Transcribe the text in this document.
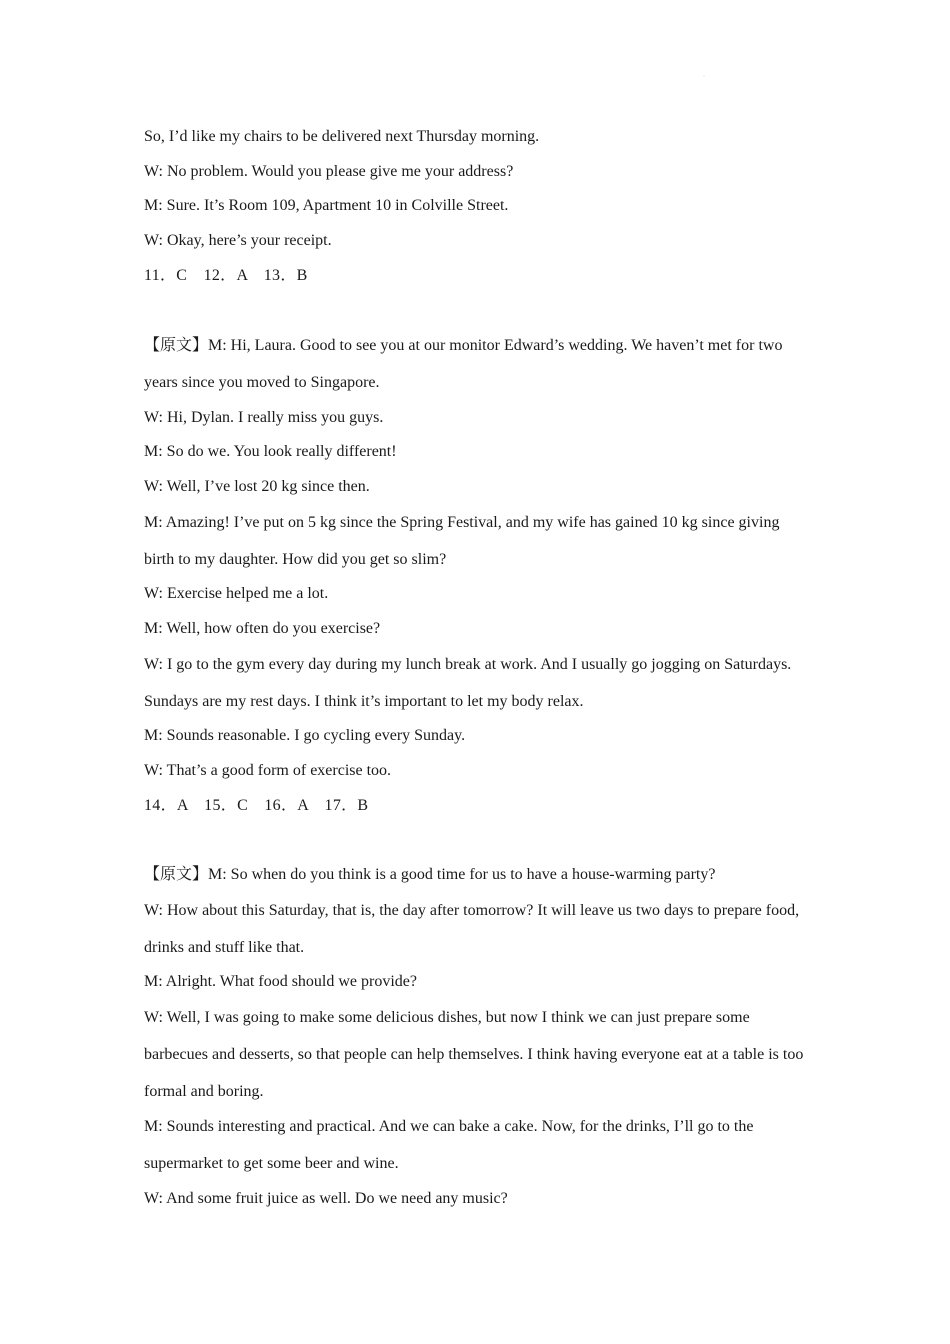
·

So, I’d like my chairs to be delivered next Thursday morning.

W: No problem. Would you please give me your address?

M: Sure. It’s Room 109, Apartment 10 in Colville Street.

W: Okay, here’s your receipt.

11．C　12．A　13．B

【原文】M: Hi, Laura. Good to see you at our monitor Edward’s wedding. We haven’t met for two years since you moved to Singapore.

W: Hi, Dylan. I really miss you guys.

M: So do we. You look really different!

W: Well, I’ve lost 20 kg since then.

M: Amazing! I’ve put on 5 kg since the Spring Festival, and my wife has gained 10 kg since giving birth to my daughter. How did you get so slim?

W: Exercise helped me a lot.

M: Well, how often do you exercise?

W: I go to the gym every day during my lunch break at work. And I usually go jogging on Saturdays. Sundays are my rest days. I think it’s important to let my body relax.

M: Sounds reasonable. I go cycling every Sunday.

W: That’s a good form of exercise too.

14．A　15．C　16．A　17．B

【原文】M: So when do you think is a good time for us to have a house-warming party?

W: How about this Saturday, that is, the day after tomorrow? It will leave us two days to prepare food, drinks and stuff like that.

M: Alright. What food should we provide?

W: Well, I was going to make some delicious dishes, but now I think we can just prepare some barbecues and desserts, so that people can help themselves. I think having everyone eat at a table is too formal and boring.

M: Sounds interesting and practical. And we can bake a cake. Now, for the drinks, I’ll go to the supermarket to get some beer and wine.

W: And some fruit juice as well. Do we need any music?
